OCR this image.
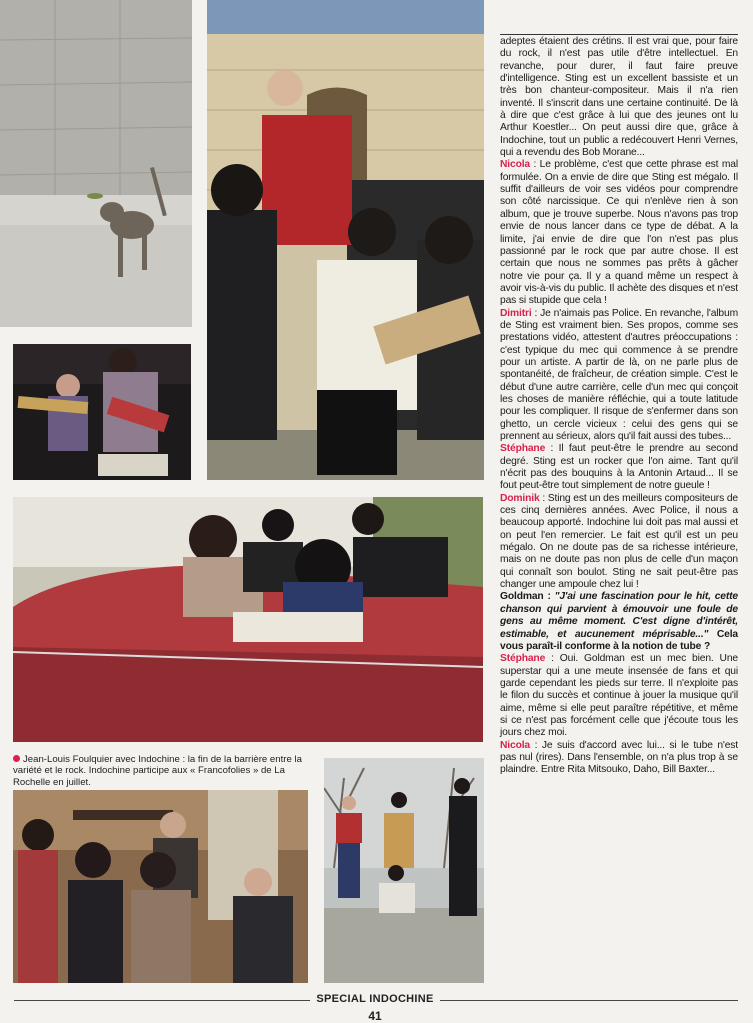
Jean-Louis Foulquier avec Indochine : la fin de la barrière entre la variété et le rock. Indochine participe aux « Francofolies » de La Rochelle en juillet.

adeptes étaient des crétins. Il est vrai que, pour faire du rock, il n'est pas utile d'être intellectuel. En revanche, pour durer, il faut faire preuve d'intelligence. Sting est un excellent bassiste et un très bon chanteur-compositeur. Mais il n'a rien inventé. Il s'inscrit dans une certaine continuité. De là à dire que c'est grâce à lui que des jeunes ont lu Arthur Koestler... On peut aussi dire que, grâce à Indochine, tout un public a redécouvert Henri Vernes, qui a revendu des Bob Morane...

Nicola : Le problème, c'est que cette phrase est mal formulée. On a envie de dire que Sting est mégalo. Il suffit d'ailleurs de voir ses vidéos pour comprendre son côté narcissique. Ce qui n'enlève rien à son album, que je trouve superbe. Nous n'avons pas trop envie de nous lancer dans ce type de débat. A la limite, j'ai envie de dire que l'on n'est pas plus passionné par le rock que par autre chose. Il est certain que nous ne sommes pas prêts à gâcher notre vie pour ça. Il y a quand même un respect à avoir vis-à-vis du public. Il achète des disques et n'est pas si stupide que cela !

Dimitri : Je n'aimais pas Police. En revanche, l'album de Sting est vraiment bien. Ses propos, comme ses prestations vidéo, attestent d'autres préoccupations : c'est typique du mec qui commence à se prendre pour un artiste. A partir de là, on ne parle plus de spontanéité, de fraîcheur, de création simple. C'est le début d'une autre carrière, celle d'un mec qui conçoit les choses de manière réfléchie, qui a toute latitude pour les compliquer. Il risque de s'enfermer dans son ghetto, un cercle vicieux : celui des gens qui se prennent au sérieux, alors qu'il fait aussi des tubes...

Stéphane : Il faut peut-être le prendre au second degré. Sting est un rocker que l'on aime. Tant qu'il n'écrit pas des bouquins à la Antonin Artaud... Il se fout peut-être tout simplement de notre gueule !

Dominik : Sting est un des meilleurs compositeurs de ces cinq dernières années. Avec Police, il nous a beaucoup apporté. Indochine lui doit pas mal aussi et on peut l'en remercier. Le fait est qu'il est un peu mégalo. On ne doute pas de sa richesse intérieure, mais on ne doute pas non plus de celle d'un maçon qui connaît son boulot. Sting ne sait peut-être pas changer une ampoule chez lui !

Goldman : "J'ai une fascination pour le hit, cette chanson qui parvient à émouvoir une foule de gens au même moment. C'est digne d'intérêt, estimable, et aucunement méprisable..." Cela vous paraît-il conforme à la notion de tube ?

Stéphane : Oui. Goldman est un mec bien. Une superstar qui a une meute insensée de fans et qui garde cependant les pieds sur terre. Il n'exploite pas le filon du succès et continue à jouer la musique qu'il aime, même si elle peut paraître répétitive, et même si ce n'est pas forcément celle que j'écoute tous les jours chez moi.

Nicola : Je suis d'accord avec lui... si le tube n'est pas nul (rires). Dans l'ensemble, on n'a plus trop à se plaindre. Entre Rita Mitsouko, Daho, Bill Baxter...

SPECIAL INDOCHINE
41
